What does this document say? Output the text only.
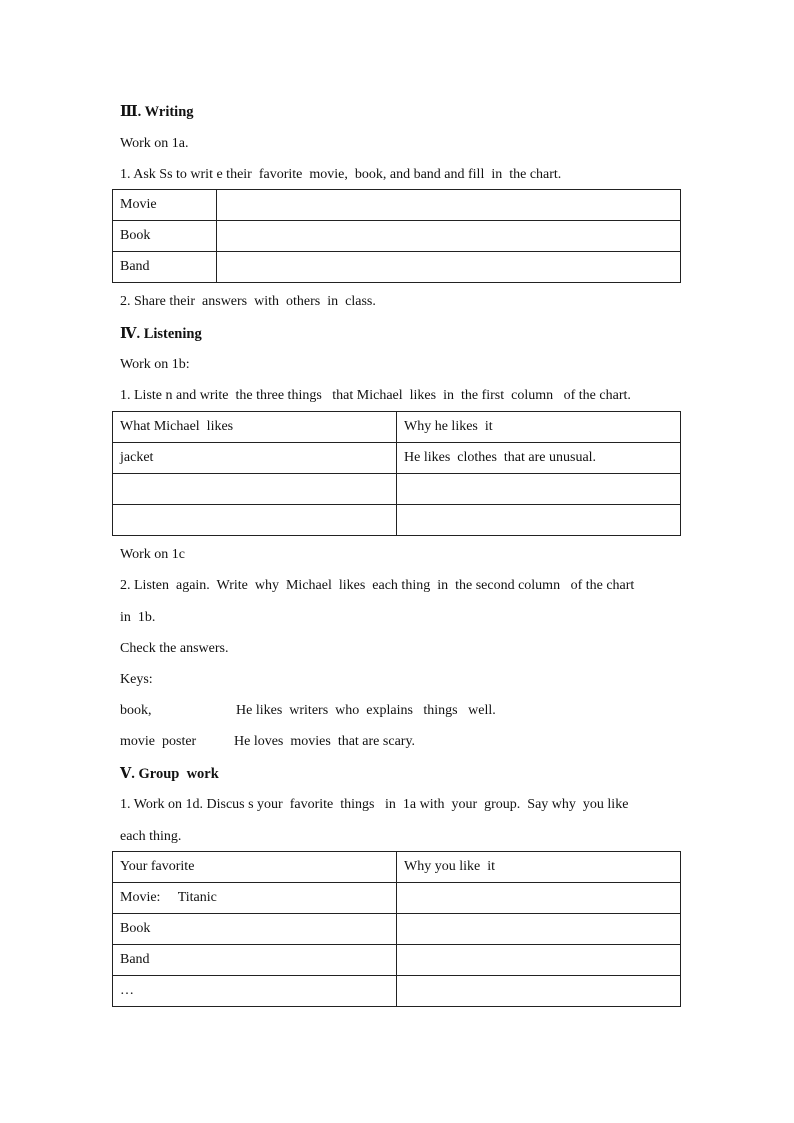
Ⅲ. Writing
Work on 1a.
1. Ask Ss to writ e their  favorite  movie,  book, and band and fill  in  the chart.
Movie	
Book	
Band	
2. Share their  answers  with  others  in  class.
Ⅳ. Listening
Work on 1b:
1. Liste n and write  the three things   that Michael  likes  in  the first  column   of the chart.
What Michael  likes	Why he likes  it
jacket	He likes  clothes  that are unusual.

Work on 1c
2. Listen  again.  Write  why  Michael  likes  each thing  in  the second column   of the chart
in  1b.
Check the answers.
Keys:
book,	He likes  writers  who  explains   things   well.
movie  poster	He loves  movies  that are scary.
Ⅴ. Group  work
1. Work on 1d. Discus s your  favorite  things   in  1a with  your  group.  Say why  you like
each thing.
Your favorite	Why you like  it
Movie:     Titanic	
Book	
Band	
…	
